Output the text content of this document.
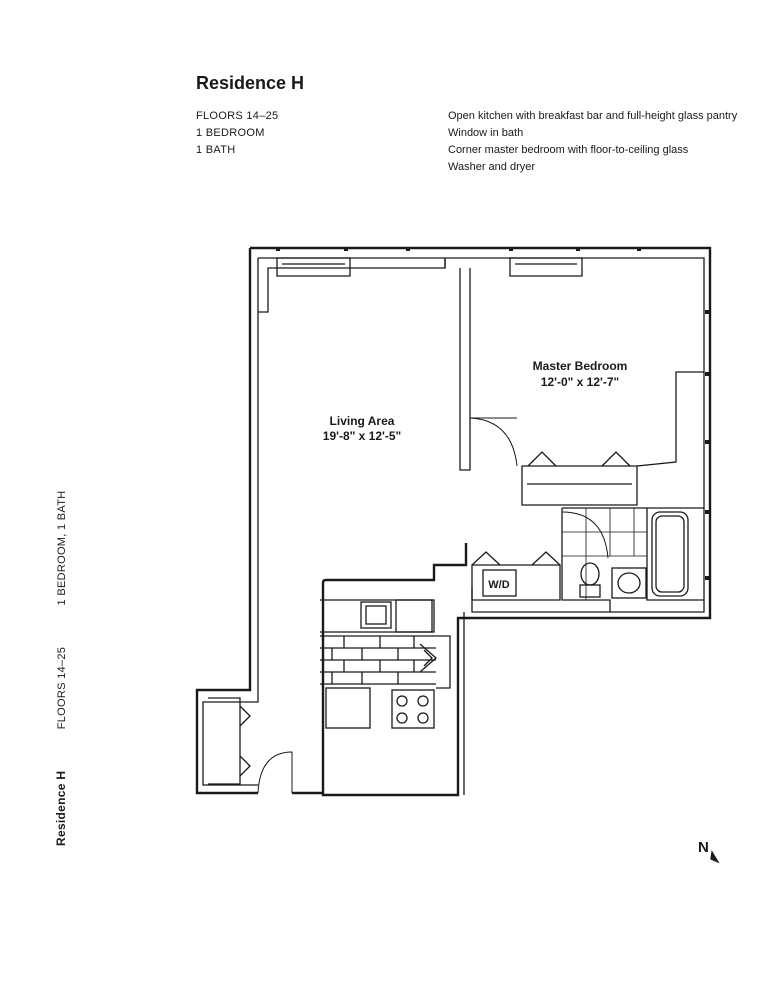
Residence H
FLOORS 14–25
1 BEDROOM
1 BATH
Open kitchen with breakfast bar and full-height glass pantry
Window in bath
Corner master bedroom with floor-to-ceiling glass
Washer and dryer
Residence H FLOORS 14–25 1 BEDROOM, 1 BATH
Living Area
19'-8" x 12'-5"
Master Bedroom
12'-0" x 12'-7"
W/D
N
